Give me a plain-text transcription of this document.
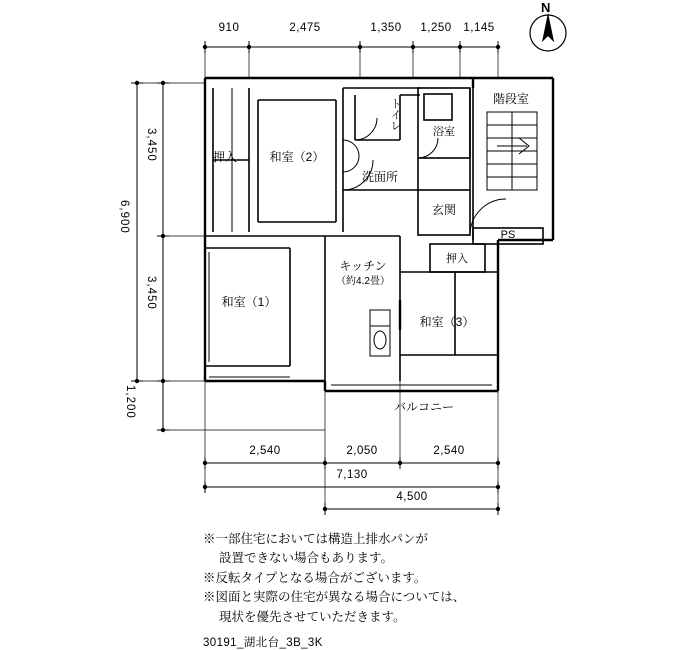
N
910	2,475	1,350	1,250	1,145
6,900
3,450
3,450
1,200
2,540	2,050	2,540
7,130
4,500
押入	和室（2）
トイレ
浴室
階段室
洗面所
玄関
PS
押入
和室（1）
キッチン
（約4.2畳）
和室（3）
バルコニー
※一部住宅においては構造上排水パンが
　 設置できない場合もあります。
※反転タイプとなる場合がございます。
※図面と実際の住宅が異なる場合については、
　 現状を優先させていただきます。
30191_湖北台_3B_3K
